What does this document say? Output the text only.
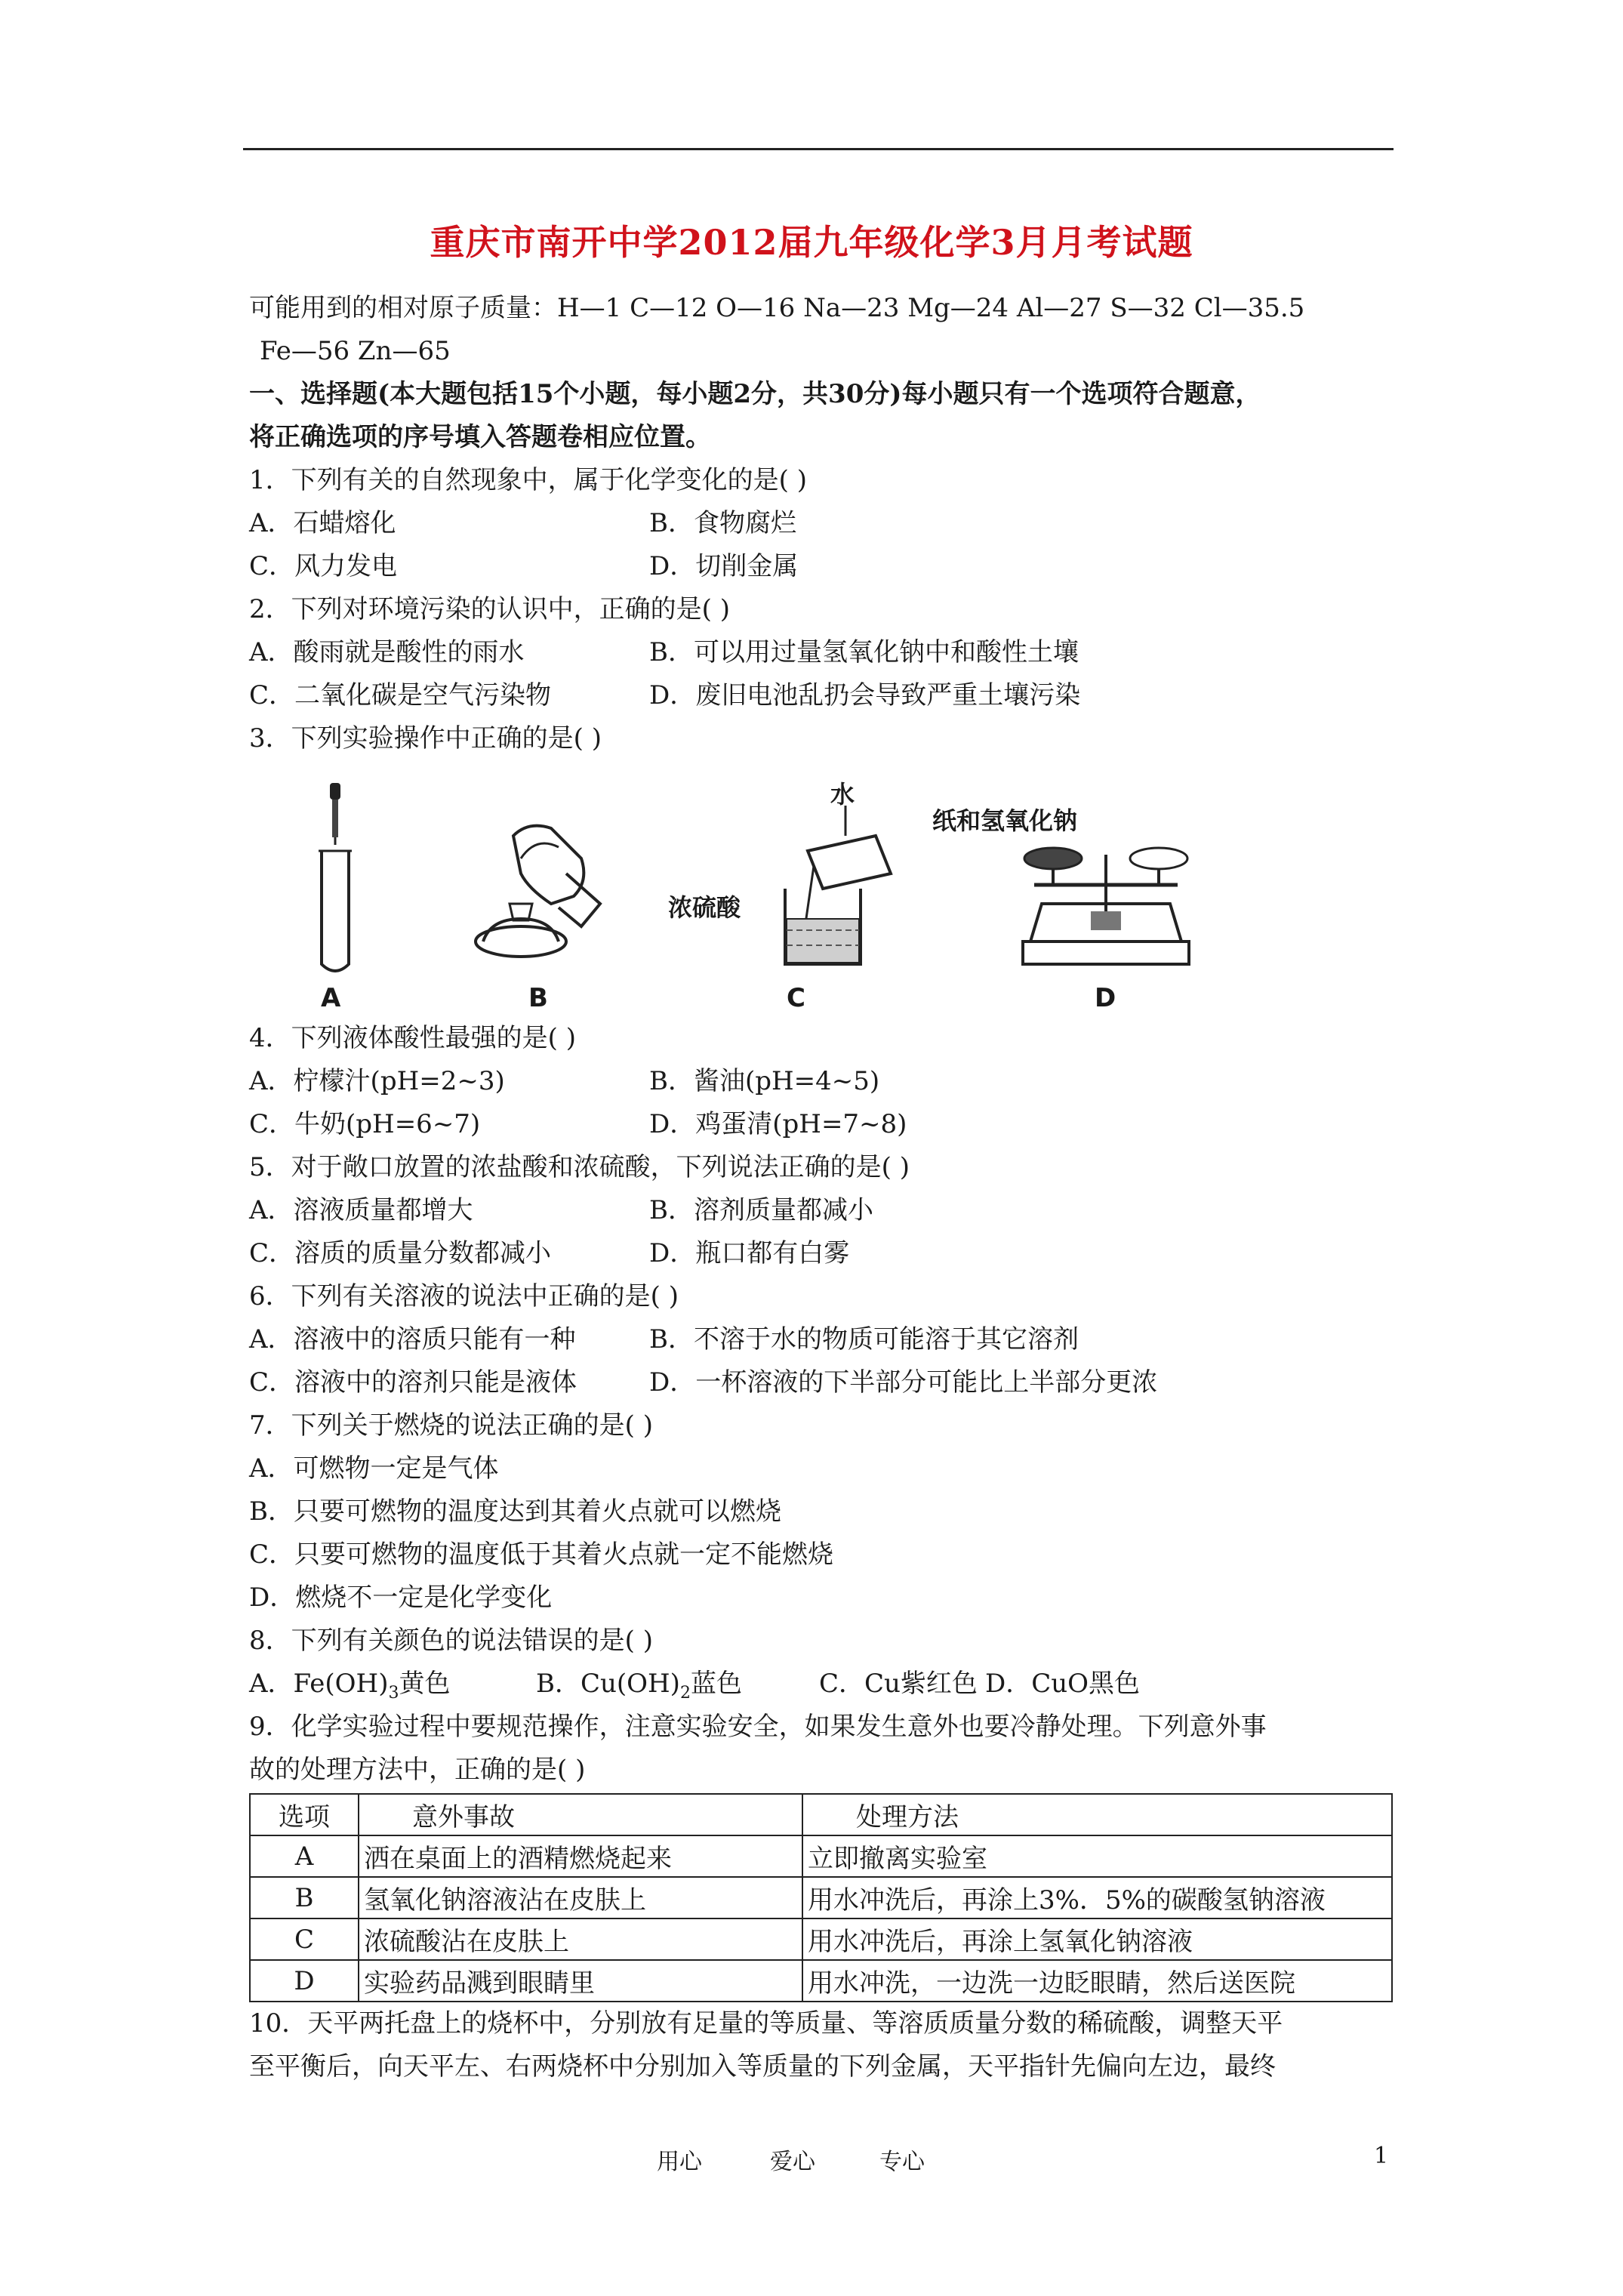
重庆市南开中学2012届九年级化学3月月考试题
可能用到的相对原子质量：H—1 C—12 O—16 Na—23 Mg—24 Al—27 S—32 Cl—35.5
Fe—56 Zn—65
一、选择题(本大题包括15个小题，每小题2分，共30分)每小题只有一个选项符合题意，
将正确选项的序号填入答题卷相应位置。
1．下列有关的自然现象中，属于化学变化的是( )
A．石蜡熔化	B．食物腐烂
C．风力发电	D．切削金属
2．下列对环境污染的认识中，正确的是( )
A．酸雨就是酸性的雨水	B．可以用过量氢氧化钠中和酸性土壤
C．二氧化碳是空气污染物	D．废旧电池乱扔会导致严重土壤污染
3．下列实验操作中正确的是( )
A	B
水
浓硫酸
C
纸和氢氧化钠
D
4．下列液体酸性最强的是( )
A．柠檬汁(pH=2~3)	B．酱油(pH=4~5)
C．牛奶(pH=6~7)	D．鸡蛋清(pH=7~8)
5．对于敞口放置的浓盐酸和浓硫酸，下列说法正确的是( )
A．溶液质量都增大	B．溶剂质量都减小
C．溶质的质量分数都减小	D．瓶口都有白雾
6．下列有关溶液的说法中正确的是( )
A．溶液中的溶质只能有一种	B．不溶于水的物质可能溶于其它溶剂
C．溶液中的溶剂只能是液体	D．一杯溶液的下半部分可能比上半部分更浓
7．下列关于燃烧的说法正确的是( )
A．可燃物一定是气体
B．只要可燃物的温度达到其着火点就可以燃烧
C．只要可燃物的温度低于其着火点就一定不能燃烧
D．燃烧不一定是化学变化
8．下列有关颜色的说法错误的是( )
A．$Fe(OH)_3$黄色	B．$Cu(OH)_2$蓝色	C．Cu紫红色 D．CuO黑色
9．化学实验过程中要规范操作，注意实验安全，如果发生意外也要冷静处理。下列意外事
故的处理方法中，正确的是( )
选项	意外事故	处理方法
A	洒在桌面上的酒精燃烧起来	立即撤离实验室
B	氢氧化钠溶液沾在皮肤上	用水冲洗后，再涂上3%．5%的碳酸氢钠溶液
C	浓硫酸沾在皮肤上	用水冲洗后，再涂上氢氧化钠溶液
D	实验药品溅到眼睛里	用水冲洗，一边洗一边眨眼睛，然后送医院
10．天平两托盘上的烧杯中，分别放有足量的等质量、等溶质质量分数的稀硫酸，调整天平
至平衡后，向天平左、右两烧杯中分别加入等质量的下列金属，天平指针先偏向左边，最终
用心	爱心	专心	1
